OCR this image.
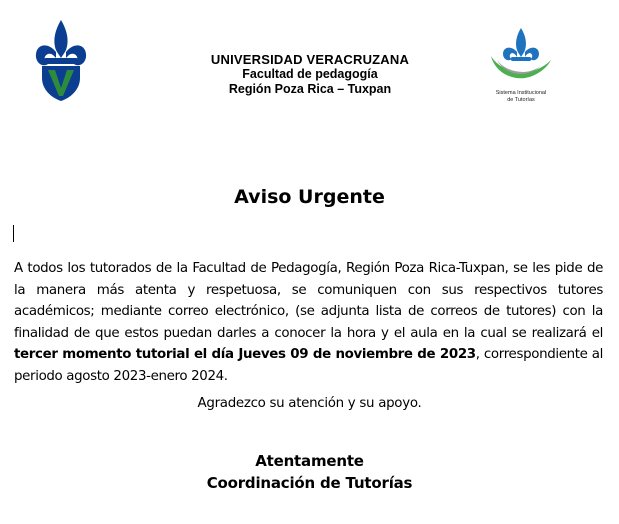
UNIVERSIDAD VERACRUZANA
Facultad de pedagogía
Región Poza Rica – Tuxpan	Sistema Institucional
de Tutorías
Aviso Urgente
A todos los tutorados de la Facultad de Pedagogía, Región Poza Rica-Tuxpan, se les pide de la manera más atenta y respetuosa, se comuniquen con sus respectivos tutores académicos; mediante correo electrónico, (se adjunta lista de correos de tutores) con la finalidad de que estos puedan darles a conocer la hora y el aula en la cual se realizará el tercer momento tutorial el día Jueves 09 de noviembre de 2023, correspondiente al periodo agosto 2023-enero 2024.
Agradezco su atención y su apoyo.
Atentamente
Coordinación de Tutorías
